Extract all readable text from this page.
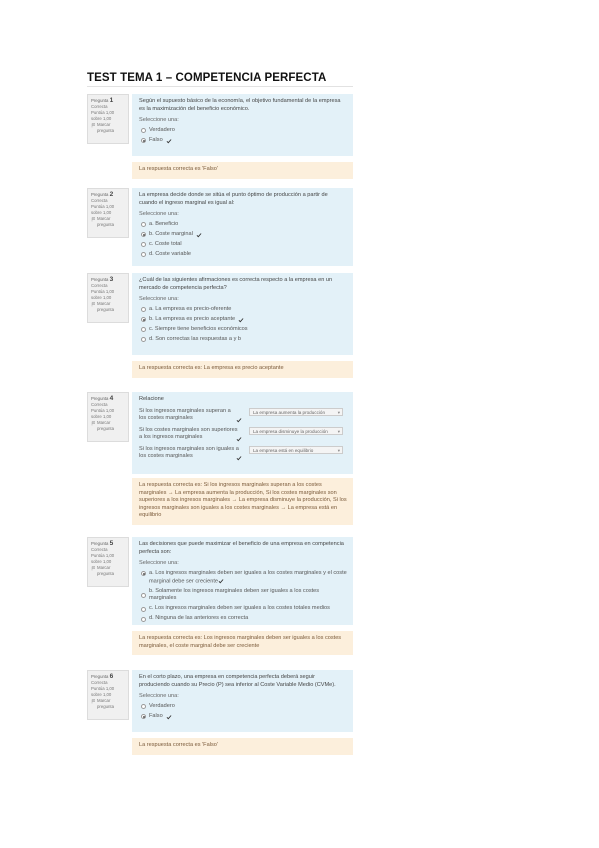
TEST TEMA 1 – COMPETENCIA PERFECTA
Pregunta 1
Correcta
Puntúa 1,00 sobre 1,00
Marcar pregunta
Según el supuesto básico de la economía, el objetivo fundamental de la empresa es la maximización del beneficio económico.
Seleccione una:
Verdadero
Falso
La respuesta correcta es 'Falso'
Pregunta 2
Correcta
Puntúa 1,00 sobre 1,00
Marcar pregunta
La empresa decide donde se sitúa el punto óptimo de producción a partir de cuando el ingreso marginal es igual al:
Seleccione una:
a. Beneficio
b. Coste marginal
c. Coste total
d. Coste variable
Pregunta 3
Correcta
Puntúa 1,00 sobre 1,00
Marcar pregunta
¿Cuál de las siguientes afirmaciones es correcta respecto a la empresa en un mercado de competencia perfecta?
Seleccione una:
a. La empresa es precio-oferente
b. La empresa es precio aceptante
c. Siempre tiene beneficios económicos
d. Son correctas las respuestas a y b
La respuesta correcta es: La empresa es precio aceptante
Pregunta 4
Correcta
Puntúa 1,00 sobre 1,00
Marcar pregunta
Relacione
Si los ingresos marginales superan a los costes marginales
La empresa aumenta la producción	▾
Si los costes marginales son superiores a los ingresos marginales
La empresa disminuye la producción ▾
Si los ingresos marginales son iguales a los costes marginales
La empresa está en equilibrio	▾
La respuesta correcta es: Si los ingresos marginales superan a los costes marginales → La empresa aumenta la producción, Si los costes marginales son superiores a los ingresos marginales → La empresa disminuye la producción, Si los ingresos marginales son iguales a los costes marginales → La empresa está en equilibrio
Pregunta 5
Correcta
Puntúa 1,00 sobre 1,00
Marcar pregunta
Las decisiones que puede maximizar el beneficio de una empresa en competencia perfecta son:
Seleccione una:
a. Los ingresos marginales deben ser iguales a los costes marginales y el coste marginal debe ser creciente
b. Solamente los ingresos marginales deben ser iguales a los costes marginales
c. Los ingresos marginales deben ser iguales a los costes totales medios
d. Ninguna de las anteriores es correcta
La respuesta correcta es: Los ingresos marginales deben ser iguales a los costes marginales, el coste marginal debe ser creciente
Pregunta 6
Correcta
Puntúa 1,00 sobre 1,00
Marcar pregunta
En el corto plazo, una empresa en competencia perfecta deberá seguir produciendo cuando su Precio (P) sea inferior al Coste Variable Medio (CVMe).
Seleccione una:
Verdadero
Falso
La respuesta correcta es 'Falso'
